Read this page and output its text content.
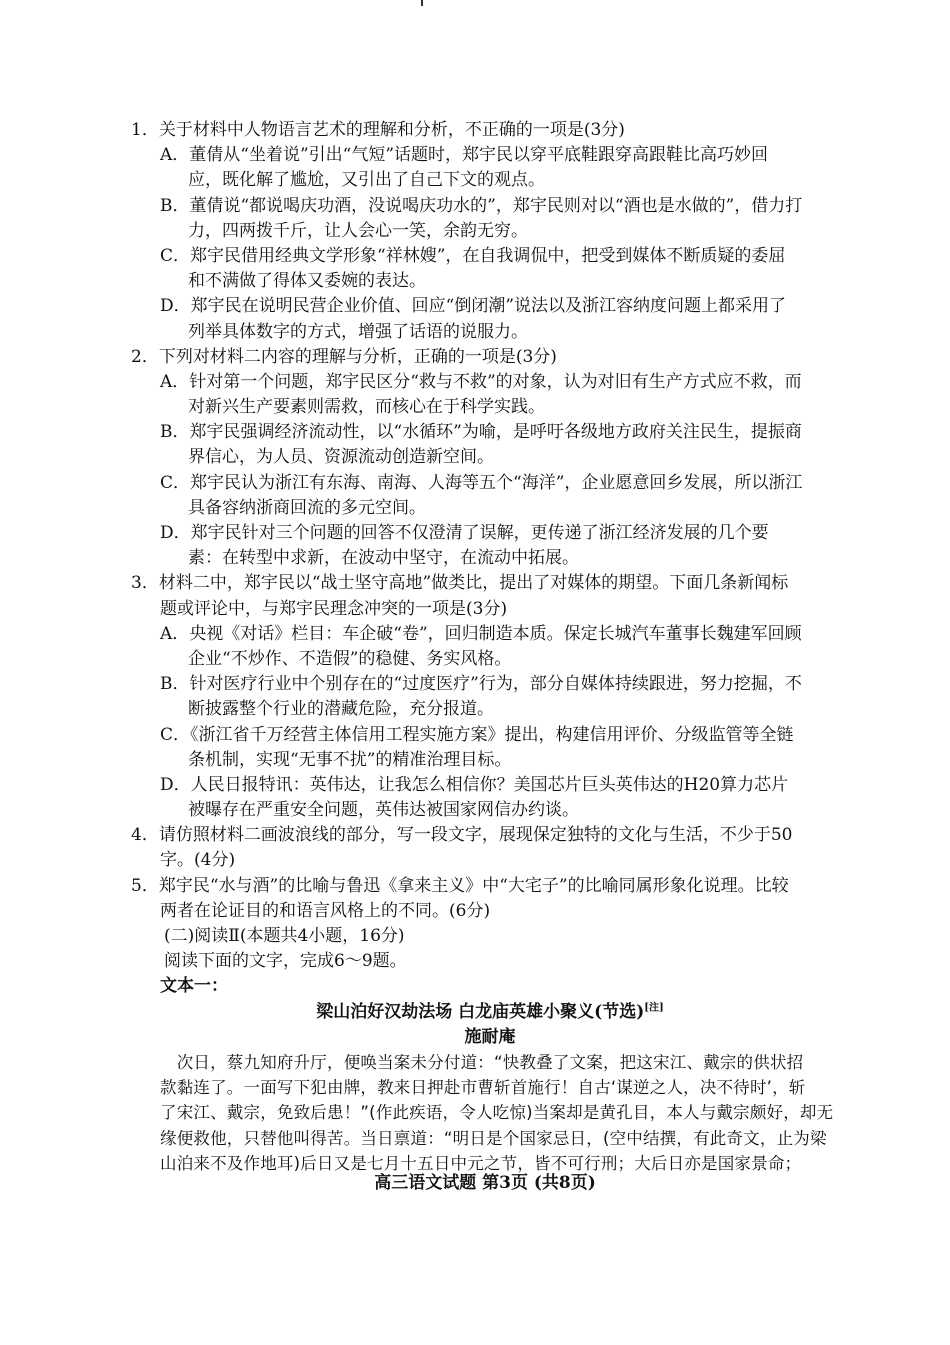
1．关于材料中人物语言艺术的理解和分析，不正确的一项是(3分)
A．董倩从“坐着说”引出“气短”话题时，郑宇民以穿平底鞋跟穿高跟鞋比高巧妙回
应，既化解了尴尬，又引出了自己下文的观点。
B．董倩说“都说喝庆功酒，没说喝庆功水的”，郑宇民则对以“酒也是水做的”，借力打
力，四两拨千斤，让人会心一笑，余韵无穷。
C．郑宇民借用经典文学形象“祥林嫂”，在自我调侃中，把受到媒体不断质疑的委屈
和不满做了得体又委婉的表达。
D．郑宇民在说明民营企业价值、回应“倒闭潮”说法以及浙江容纳度问题上都采用了
列举具体数字的方式，增强了话语的说服力。
2．下列对材料二内容的理解与分析，正确的一项是(3分)
A．针对第一个问题，郑宇民区分“救与不救”的对象，认为对旧有生产方式应不救，而
对新兴生产要素则需救，而核心在于科学实践。
B．郑宇民强调经济流动性，以“水循环”为喻，是呼吁各级地方政府关注民生，提振商
界信心，为人员、资源流动创造新空间。
C．郑宇民认为浙江有东海、南海、人海等五个“海洋”，企业愿意回乡发展，所以浙江
具备容纳浙商回流的多元空间。
D．郑宇民针对三个问题的回答不仅澄清了误解，更传递了浙江经济发展的几个要
素：在转型中求新，在波动中坚守，在流动中拓展。
3．材料二中，郑宇民以“战士坚守高地”做类比，提出了对媒体的期望。下面几条新闻标
题或评论中，与郑宇民理念冲突的一项是(3分)
A．央视《对话》栏目：车企破“卷”，回归制造本质。保定长城汽车董事长魏建军回顾
企业“不炒作、不造假”的稳健、务实风格。
B．针对医疗行业中个别存在的“过度医疗”行为，部分自媒体持续跟进，努力挖掘，不
断披露整个行业的潜藏危险，充分报道。
C．《浙江省千万经营主体信用工程实施方案》提出，构建信用评价、分级监管等全链
条机制，实现“无事不扰”的精准治理目标。
D．人民日报特讯：英伟达，让我怎么相信你？美国芯片巨头英伟达的H20算力芯片
被曝存在严重安全问题，英伟达被国家网信办约谈。
4．请仿照材料二画波浪线的部分，写一段文字，展现保定独特的文化与生活，不少于50
字。(4分)
5．郑宇民“水与酒”的比喻与鲁迅《拿来主义》中“大宅子”的比喻同属形象化说理。比较
两者在论证目的和语言风格上的不同。(6分)
(二)阅读Ⅱ(本题共4小题，16分)
阅读下面的文字，完成6～9题。
文本一：
梁山泊好汉劫法场 白龙庙英雄小聚义(节选)[注]
施耐庵
　次日，蔡九知府升厅，便唤当案未分付道：“快教叠了文案，把这宋江、戴宗的供状招
款黏连了。一面写下犯由牌，教来日押赴市曹斩首施行！自古‘谋逆之人，决不待时’，斩
了宋江、戴宗，免致后患！”(作此疾语，令人吃惊)当案却是黄孔目，本人与戴宗颇好，却无
缘便救他，只替他叫得苦。当日禀道：“明日是个国家忌日，(空中结撰，有此奇文，止为梁
山泊来不及作地耳)后日又是七月十五日中元之节，皆不可行刑；大后日亦是国家景命；
高三语文试题 第3页 (共8页)
